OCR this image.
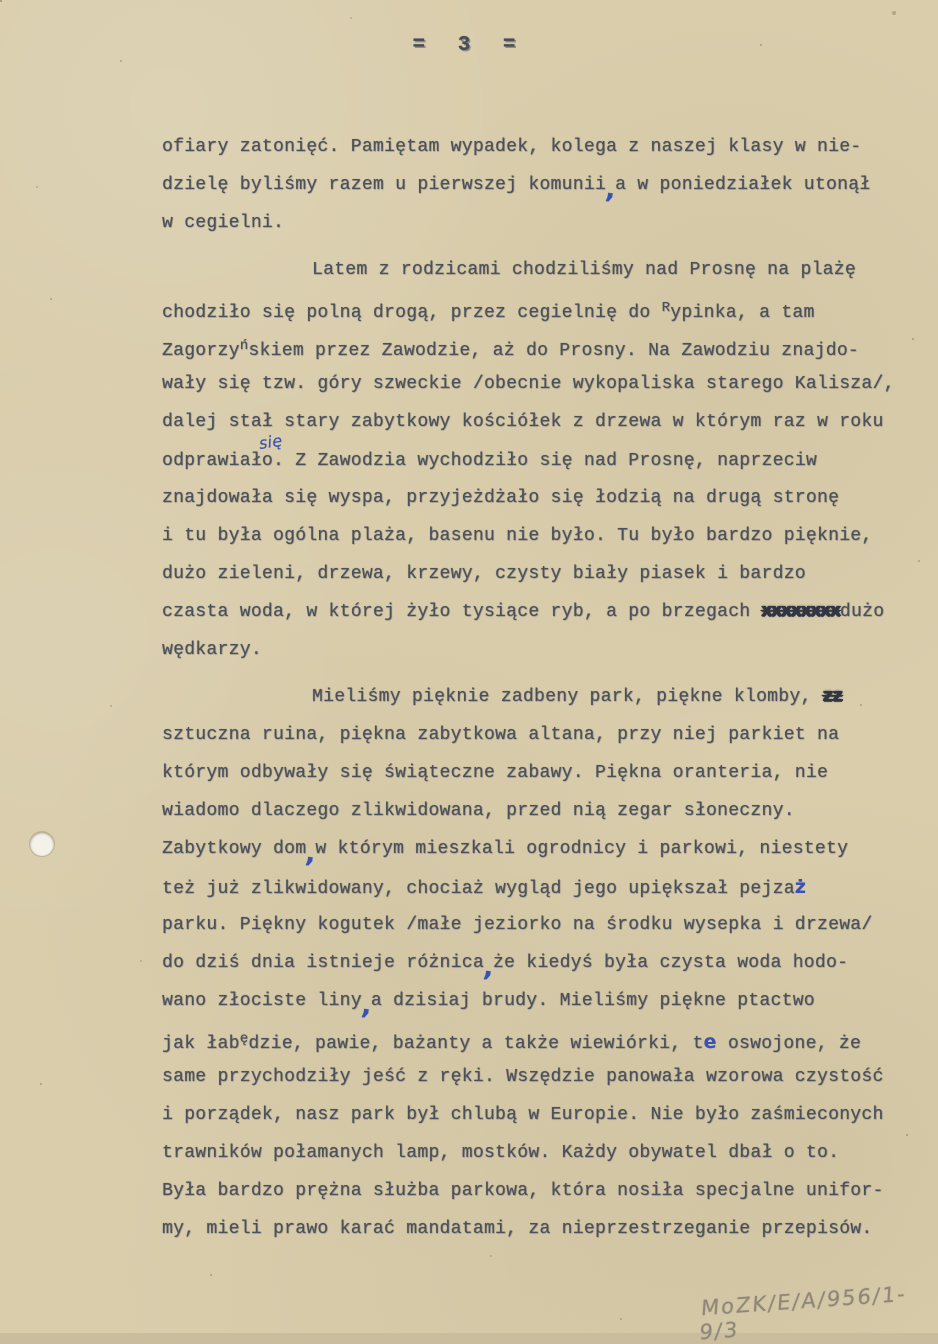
= 3 =
ofiary zatonięć. Pamiętam wypadek, kolega z naszej klasy w nie-
dzielę byliśmy razem u pierwszej komunii,a w poniedziałek utonął
w cegielni.
Latem z rodzicami chodziliśmy nad Prosnę na plażę
chodziło się polną drogą, przez cegielnię do $^R$ypinka, a tam
Zagorzy$^ń$skiem przez Zawodzie, aż do Prosny. Na Zawodziu znajdo-
wały się tzw. góry szweckie /obecnie wykopaliska starego Kalisza/,
dalej stał stary zabytkowy kościółek z drzewa w którym raz w roku
odprawiałosię. Z Zawodzia wychodziło się nad Prosnę, naprzeciw
znajdowała się wyspa, przyjeżdżało się łodzią na drugą stronę
i tu była ogólna plaża, basenu nie było. Tu było bardzo pięknie,
dużo zieleni, drzewa, krzewy, czysty biały piasek i bardzo
czasta woda, w której żyło tysiące ryb, a po brzegach xxxxxxxxdużo
wędkarzy.
Mieliśmy pięknie zadbeny park, piękne klomby, zz
sztuczna ruina, piękna zabytkowa altana, przy niej parkiet na
którym odbywały się świąteczne zabawy. Piękna oranteria, nie
wiadomo dlaczego zlikwidowana, przed nią zegar słoneczny.
Zabytkowy dom,w którym mieszkali ogrodnicy i parkowi, niestety
też już zlikwidowany, chociaż wygląd jego upiększał pejzaż
parku. Piękny kogutek /małe jeziorko na środku wysepka i drzewa/
do dziś dnia istnieje różnica,że kiedyś była czysta woda hodo-
wano złociste liny,a dzisiaj brudy. Mieliśmy piękne ptactwo
jak łab$^ę$dzie, pawie, bażanty a także wiewiórki, te oswojone, że
same przychodziły jeść z ręki. Wszędzie panowała wzorowa czystość
i porządek, nasz park był chlubą w Europie. Nie było zaśmieconych
trawników połamanych lamp, mostków. Każdy obywatel dbał o to.
Była bardzo prężna służba parkowa, która nosiła specjalne unifor-
my, mieli prawo karać mandatami, za nieprzestrzeganie przepisów.
MoZK/E/A/956/1-9/3
